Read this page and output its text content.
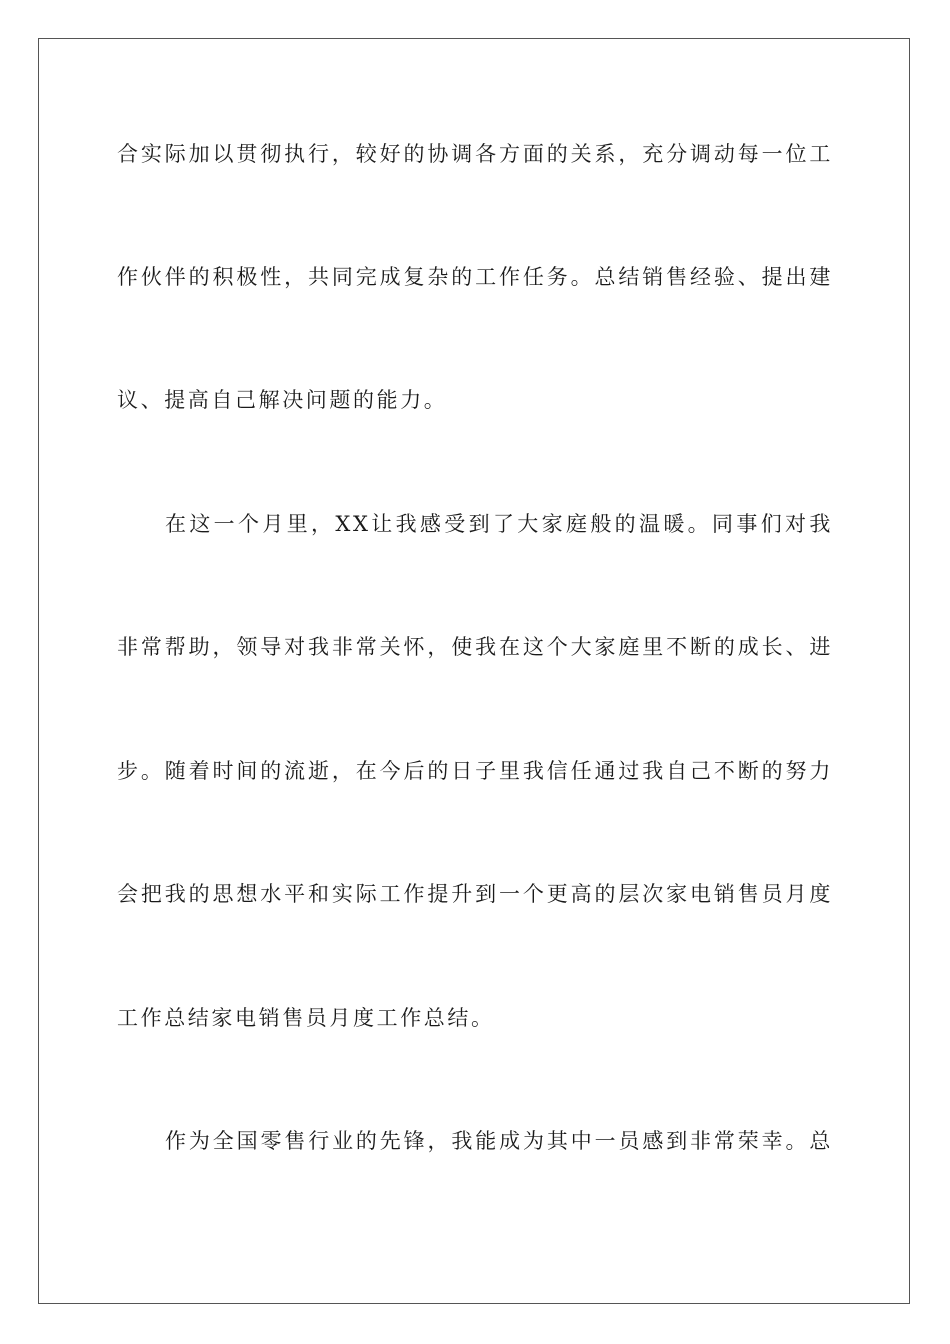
合实际加以贯彻执行，较好的协调各方面的关系，充分调动每一位工
作伙伴的积极性，共同完成复杂的工作任务。总结销售经验、提出建
议、提高自己解决问题的能力。
在这一个月里，XX让我感受到了大家庭般的温暖。同事们对我
非常帮助，领导对我非常关怀，使我在这个大家庭里不断的成长、进
步。随着时间的流逝，在今后的日子里我信任通过我自己不断的努力
会把我的思想水平和实际工作提升到一个更高的层次家电销售员月度
工作总结家电销售员月度工作总结。
作为全国零售行业的先锋，我能成为其中一员感到非常荣幸。总
